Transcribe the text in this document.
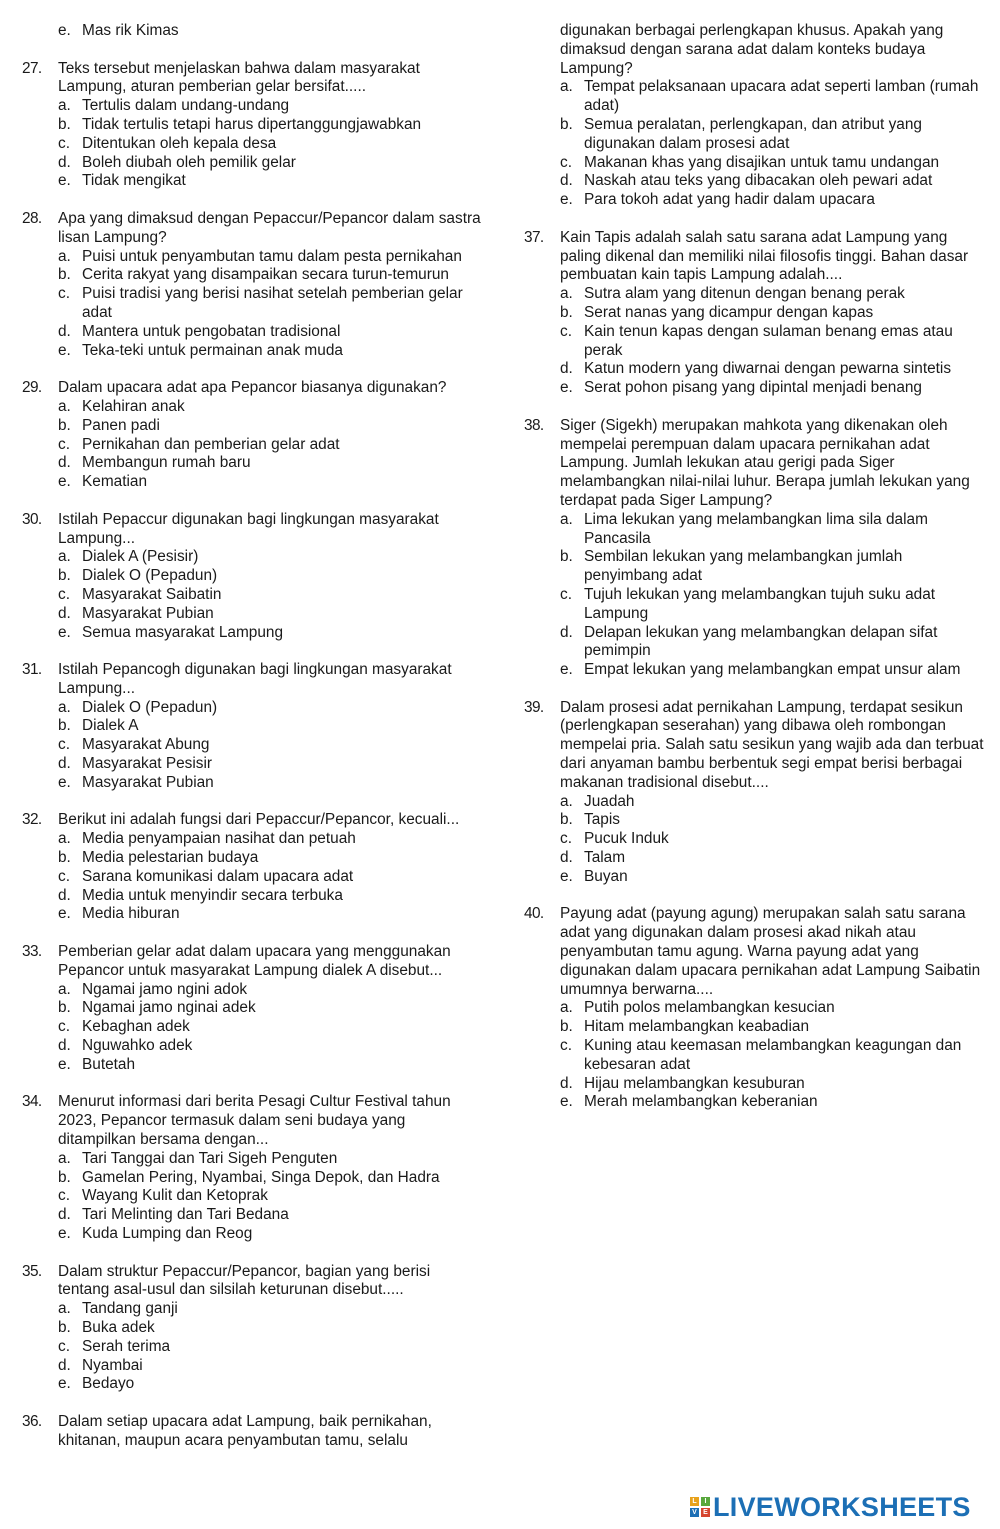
e. Mas rik Kimas
27. Teks tersebut menjelaskan bahwa dalam masyarakat Lampung, aturan pemberian gelar bersifat.....
a. Tertulis dalam undang-undang
b. Tidak tertulis tetapi harus dipertanggungjawabkan
c. Ditentukan oleh kepala desa
d. Boleh diubah oleh pemilik gelar
e. Tidak mengikat
28. Apa yang dimaksud dengan Pepaccur/Pepancor dalam sastra lisan Lampung?
a. Puisi untuk penyambutan tamu dalam pesta pernikahan
b. Cerita rakyat yang disampaikan secara turun-temurun
c. Puisi tradisi yang berisi nasihat setelah pemberian gelar adat
d. Mantera untuk pengobatan tradisional
e. Teka-teki untuk permainan anak muda
29. Dalam upacara adat apa Pepancor biasanya digunakan?
a. Kelahiran anak
b. Panen padi
c. Pernikahan dan pemberian gelar adat
d. Membangun rumah baru
e. Kematian
30. Istilah Pepaccur digunakan bagi lingkungan masyarakat Lampung...
a. Dialek A (Pesisir)
b. Dialek O (Pepadun)
c. Masyarakat Saibatin
d. Masyarakat Pubian
e. Semua masyarakat Lampung
31. Istilah Pepancogh digunakan bagi lingkungan masyarakat Lampung...
a. Dialek O (Pepadun)
b. Dialek A
c. Masyarakat Abung
d. Masyarakat Pesisir
e. Masyarakat Pubian
32. Berikut ini adalah fungsi dari Pepaccur/Pepancor, kecuali...
a. Media penyampaian nasihat dan petuah
b. Media pelestarian budaya
c. Sarana komunikasi dalam upacara adat
d. Media untuk menyindir secara terbuka
e. Media hiburan
33. Pemberian gelar adat dalam upacara yang menggunakan Pepancor untuk masyarakat Lampung dialek A disebut...
a. Ngamai jamo ngini adok
b. Ngamai jamo nginai adek
c. Kebaghan adek
d. Nguwahko adek
e. Butetah
34. Menurut informasi dari berita Pesagi Cultur Festival tahun 2023, Pepancor termasuk dalam seni budaya yang ditampilkan bersama dengan...
a. Tari Tanggai dan Tari Sigeh Penguten
b. Gamelan Pering, Nyambai, Singa Depok, dan Hadra
c. Wayang Kulit dan Ketoprak
d. Tari Melinting dan Tari Bedana
e. Kuda Lumping dan Reog
35. Dalam struktur Pepaccur/Pepancor, bagian yang berisi tentang asal-usul dan silsilah keturunan disebut.....
a. Tandang ganji
b. Buka adek
c. Serah terima
d. Nyambai
e. Bedayo
36. Dalam setiap upacara adat Lampung, baik pernikahan, khitanan, maupun acara penyambutan tamu, selalu
digunakan berbagai perlengkapan khusus. Apakah yang dimaksud dengan sarana adat dalam konteks budaya Lampung?
a. Tempat pelaksanaan upacara adat seperti lamban (rumah adat)
b. Semua peralatan, perlengkapan, dan atribut yang digunakan dalam prosesi adat
c. Makanan khas yang disajikan untuk tamu undangan
d. Naskah atau teks yang dibacakan oleh pewari adat
e. Para tokoh adat yang hadir dalam upacara
37. Kain Tapis adalah salah satu sarana adat Lampung yang paling dikenal dan memiliki nilai filosofis tinggi. Bahan dasar pembuatan kain tapis Lampung adalah....
a. Sutra alam yang ditenun dengan benang perak
b. Serat nanas yang dicampur dengan kapas
c. Kain tenun kapas dengan sulaman benang emas atau perak
d. Katun modern yang diwarnai dengan pewarna sintetis
e. Serat pohon pisang yang dipintal menjadi benang
38. Siger (Sigekh) merupakan mahkota yang dikenakan oleh mempelai perempuan dalam upacara pernikahan adat Lampung. Jumlah lekukan atau gerigi pada Siger melambangkan nilai-nilai luhur. Berapa jumlah lekukan yang terdapat pada Siger Lampung?
a. Lima lekukan yang melambangkan lima sila dalam Pancasila
b. Sembilan lekukan yang melambangkan jumlah penyimbang adat
c. Tujuh lekukan yang melambangkan tujuh suku adat Lampung
d. Delapan lekukan yang melambangkan delapan sifat pemimpin
e. Empat lekukan yang melambangkan empat unsur alam
39. Dalam prosesi adat pernikahan Lampung, terdapat sesikun (perlengkapan seserahan) yang dibawa oleh rombongan mempelai pria. Salah satu sesikun yang wajib ada dan terbuat dari anyaman bambu berbentuk segi empat berisi berbagai makanan tradisional disebut....
a. Juadah
b. Tapis
c. Pucuk Induk
d. Talam
e. Buyan
40. Payung adat (payung agung) merupakan salah satu sarana adat yang digunakan dalam prosesi akad nikah atau penyambutan tamu agung. Warna payung adat yang digunakan dalam upacara pernikahan adat Lampung Saibatin umumnya berwarna....
a. Putih polos melambangkan kesucian
b. Hitam melambangkan keabadian
c. Kuning atau keemasan melambangkan keagungan dan kebesaran adat
d. Hijau melambangkan kesuburan
e. Merah melambangkan keberanian
L	I
V E LIVEWORKSHEETS
